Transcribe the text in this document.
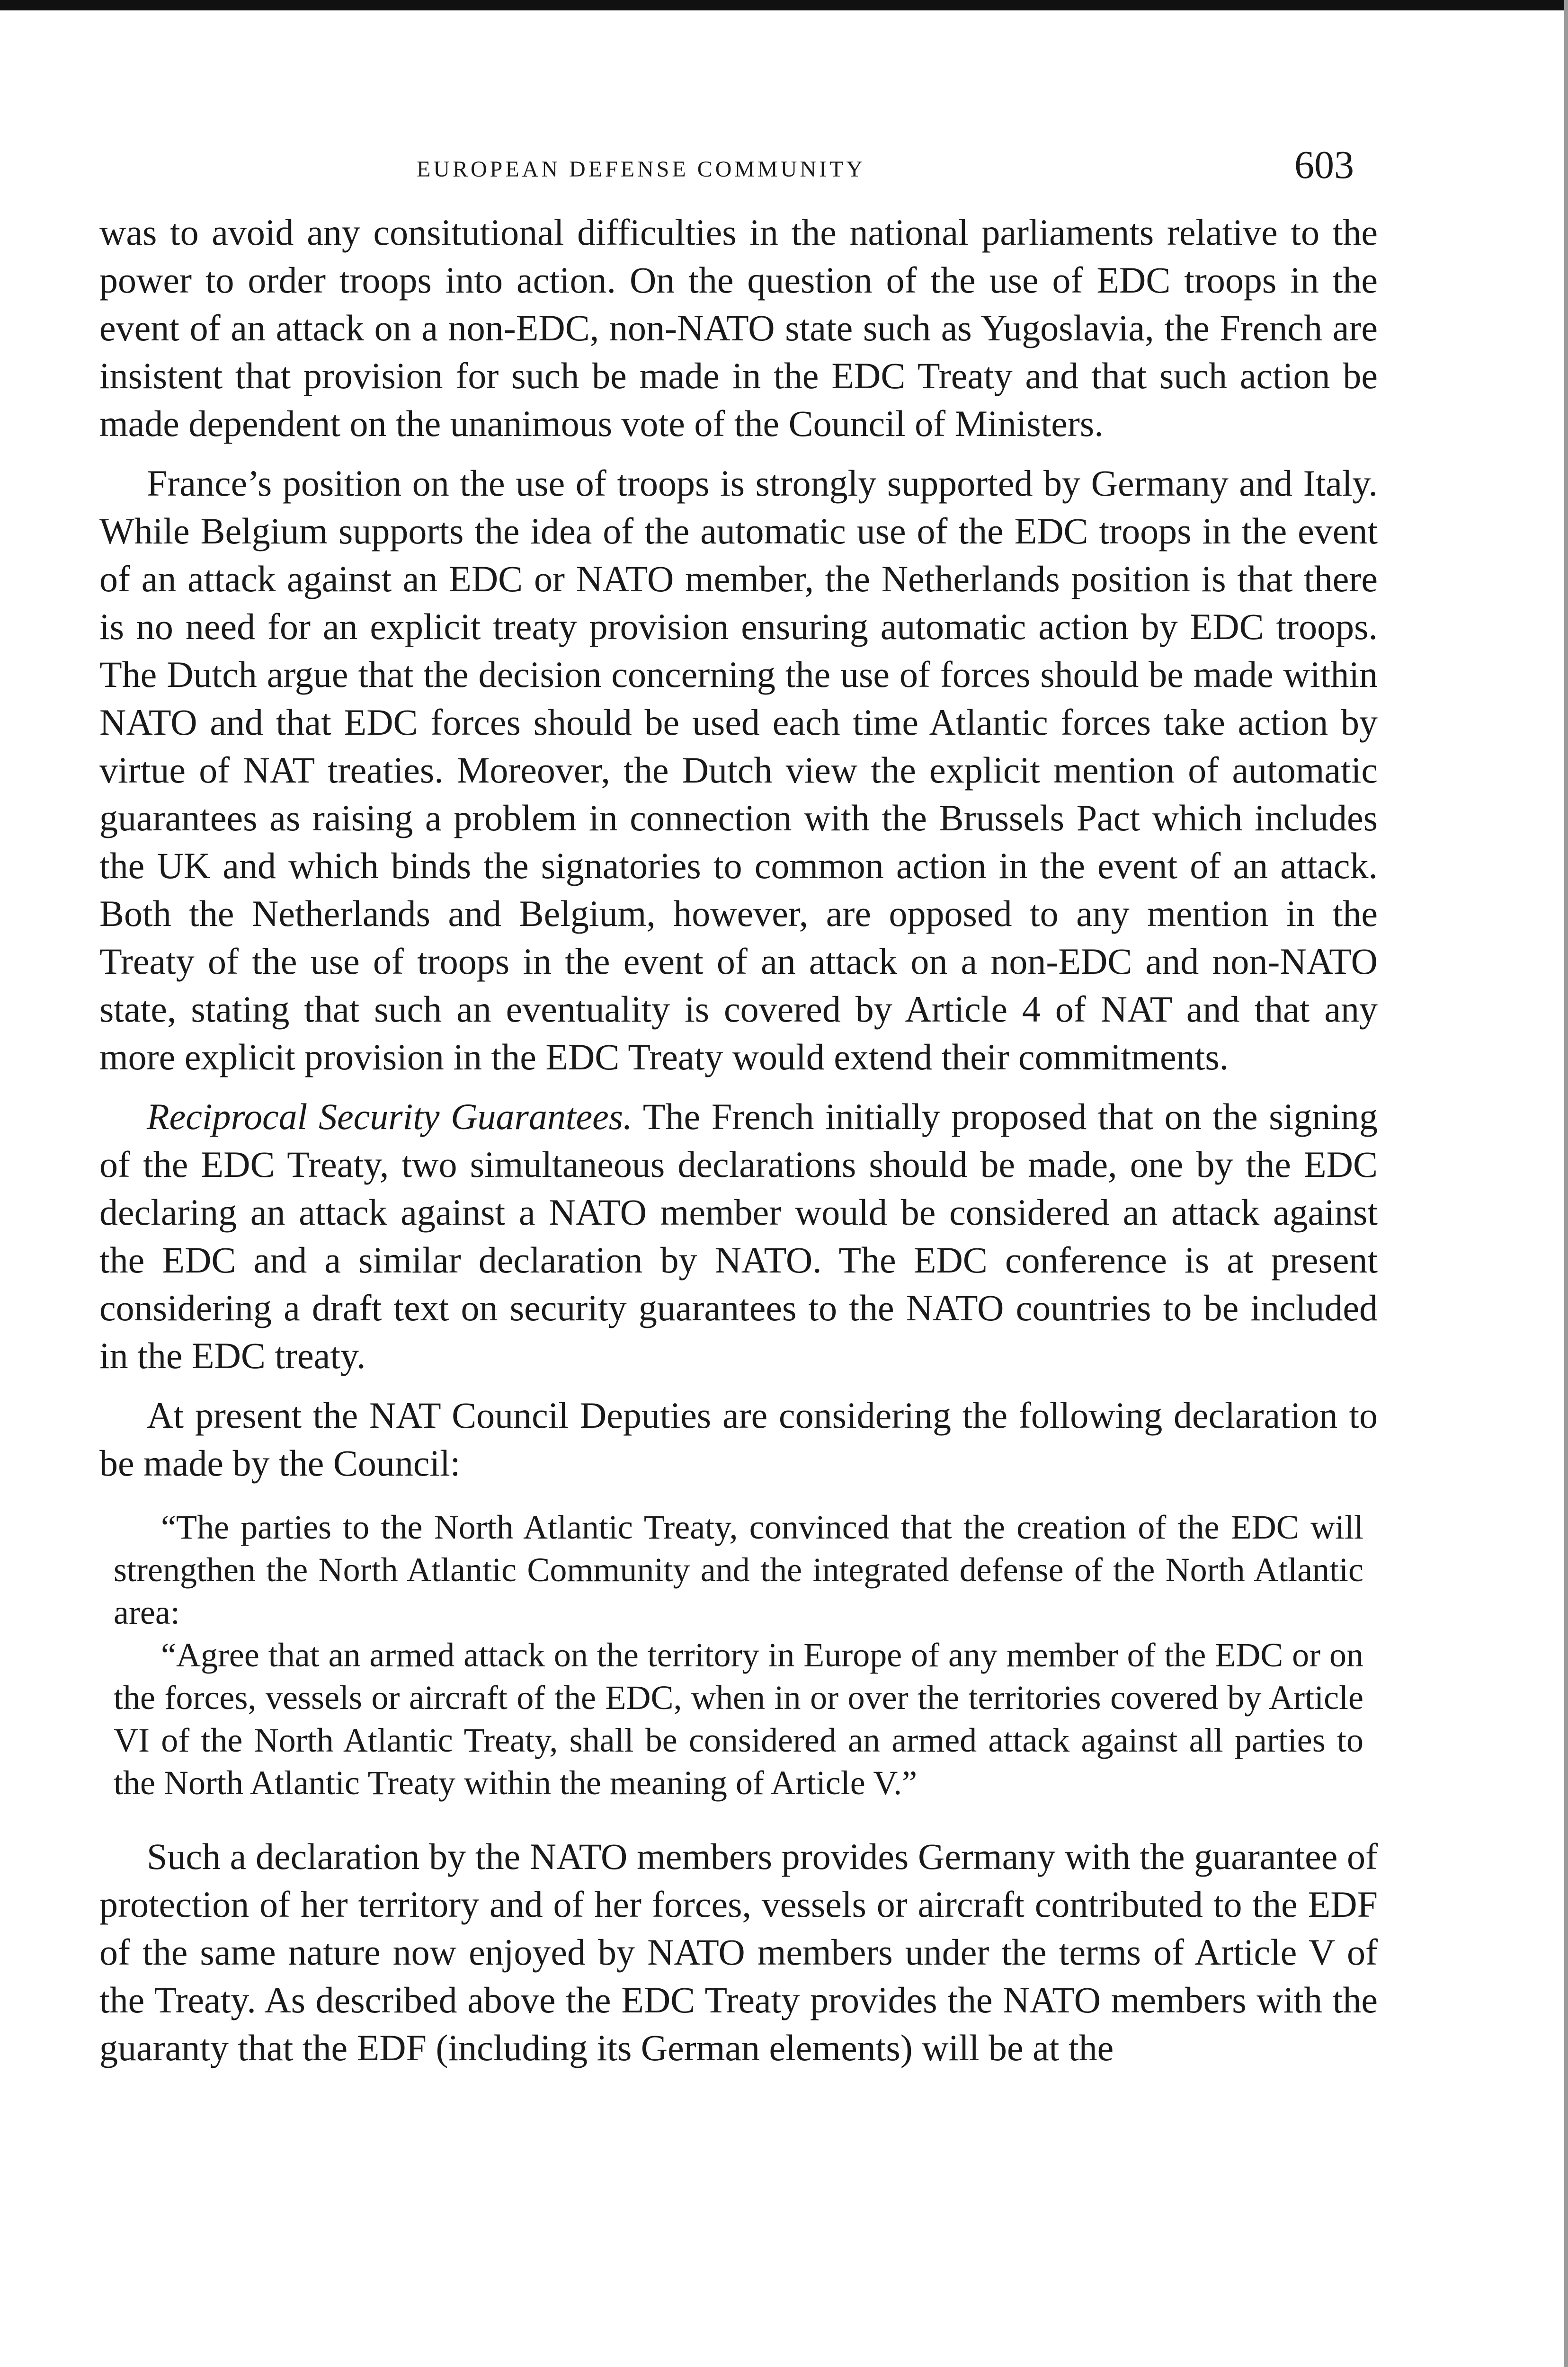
EUROPEAN DEFENSE COMMUNITY	603

was to avoid any consitutional difficulties in the national parliaments relative to the power to order troops into action. On the question of the use of EDC troops in the event of an attack on a non-EDC, non-NATO state such as Yugoslavia, the French are insistent that provision for such be made in the EDC Treaty and that such action be made dependent on the unanimous vote of the Council of Ministers.

France’s position on the use of troops is strongly supported by Germany and Italy. While Belgium supports the idea of the automatic use of the EDC troops in the event of an attack against an EDC or NATO member, the Netherlands position is that there is no need for an explicit treaty provision ensuring automatic action by EDC troops. The Dutch argue that the decision concerning the use of forces should be made within NATO and that EDC forces should be used each time Atlantic forces take action by virtue of NAT treaties. Moreover, the Dutch view the explicit mention of automatic guarantees as raising a problem in connection with the Brussels Pact which includes the UK and which binds the signatories to common action in the event of an attack. Both the Netherlands and Belgium, however, are opposed to any mention in the Treaty of the use of troops in the event of an attack on a non-EDC and non-NATO state, stating that such an eventuality is covered by Article 4 of NAT and that any more explicit provision in the EDC Treaty would extend their commitments.

Reciprocal Security Guarantees. The French initially proposed that on the signing of the EDC Treaty, two simultaneous declarations should be made, one by the EDC declaring an attack against a NATO member would be considered an attack against the EDC and a similar declaration by NATO. The EDC conference is at present considering a draft text on security guarantees to the NATO countries to be included in the EDC treaty.

At present the NAT Council Deputies are considering the following declaration to be made by the Council:

“The parties to the North Atlantic Treaty, convinced that the creation of the EDC will strengthen the North Atlantic Community and the integrated defense of the North Atlantic area:

“Agree that an armed attack on the territory in Europe of any member of the EDC or on the forces, vessels or aircraft of the EDC, when in or over the territories covered by Article VI of the North Atlantic Treaty, shall be considered an armed attack against all parties to the North Atlantic Treaty within the meaning of Article V.”

Such a declaration by the NATO members provides Germany with the guarantee of protection of her territory and of her forces, vessels or aircraft contributed to the EDF of the same nature now enjoyed by NATO members under the terms of Article V of the Treaty. As described above the EDC Treaty provides the NATO members with the guaranty that the EDF (including its German elements) will be at the
